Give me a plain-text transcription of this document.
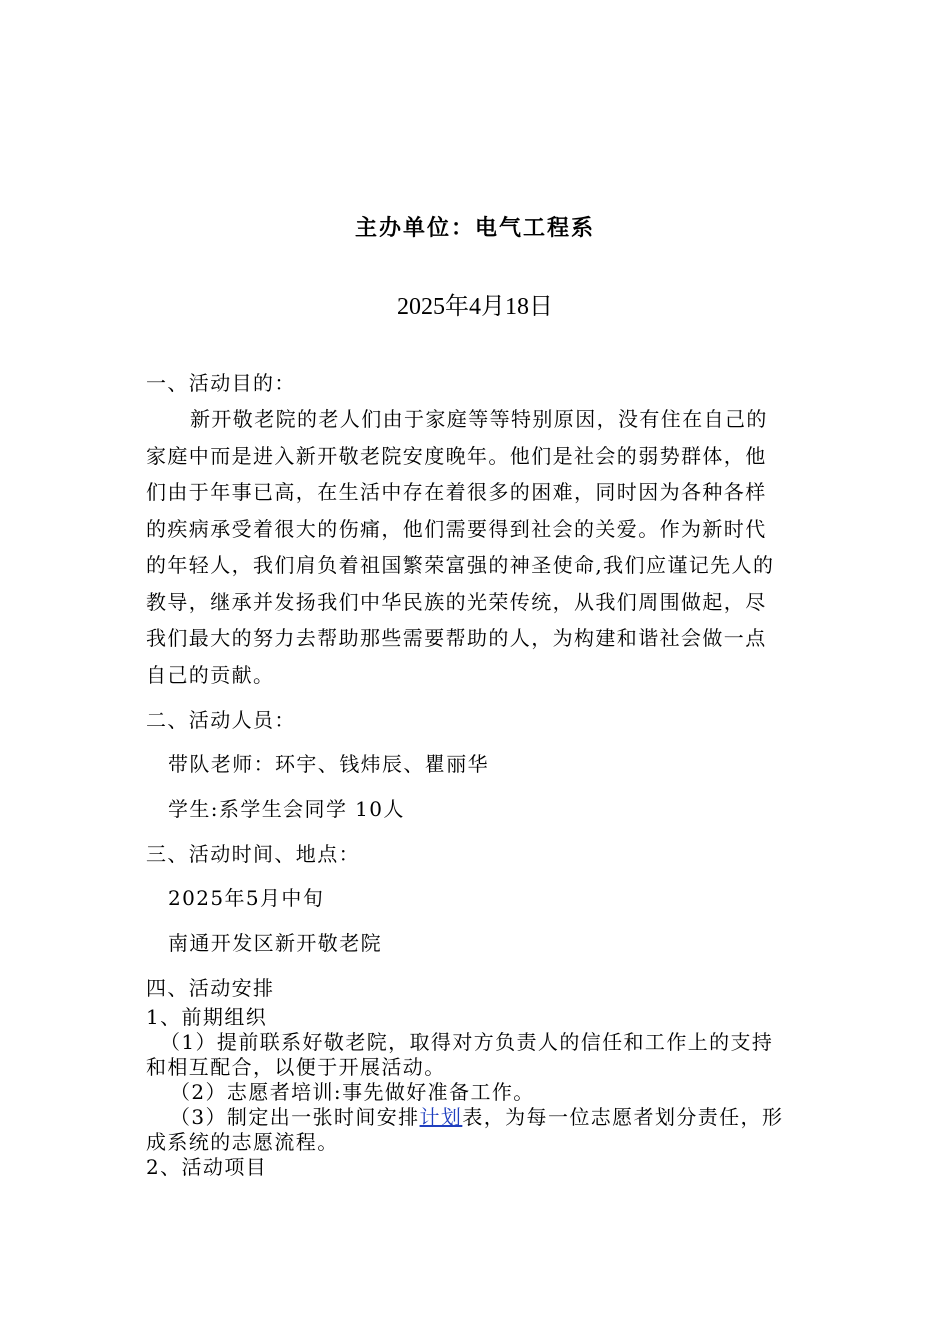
主办单位：电气工程系
2025年4月18日
一、活动目的：
新开敬老院的老人们由于家庭等等特别原因，没有住在自己的
家庭中而是进入新开敬老院安度晚年。他们是社会的弱势群体，他
们由于年事已高，在生活中存在着很多的困难，同时因为各种各样
的疾病承受着很大的伤痛，他们需要得到社会的关爱。作为新时代
的年轻人，我们肩负着祖国繁荣富强的神圣使命,我们应谨记先人的
教导，继承并发扬我们中华民族的光荣传统，从我们周围做起，尽
我们最大的努力去帮助那些需要帮助的人，为构建和谐社会做一点
自己的贡献。
二、活动人员：
带队老师：环宇、钱炜辰、瞿丽华
学生:系学生会同学 10人
三、活动时间、地点：
2025年5月中旬
南通开发区新开敬老院
四、活动安排
1、前期组织
（1）提前联系好敬老院，取得对方负责人的信任和工作上的支持
和相互配合，以便于开展活动。
（2）志愿者培训:事先做好准备工作。
（3）制定出一张时间安排计划表，为每一位志愿者划分责任，形
成系统的志愿流程。
2、活动项目
